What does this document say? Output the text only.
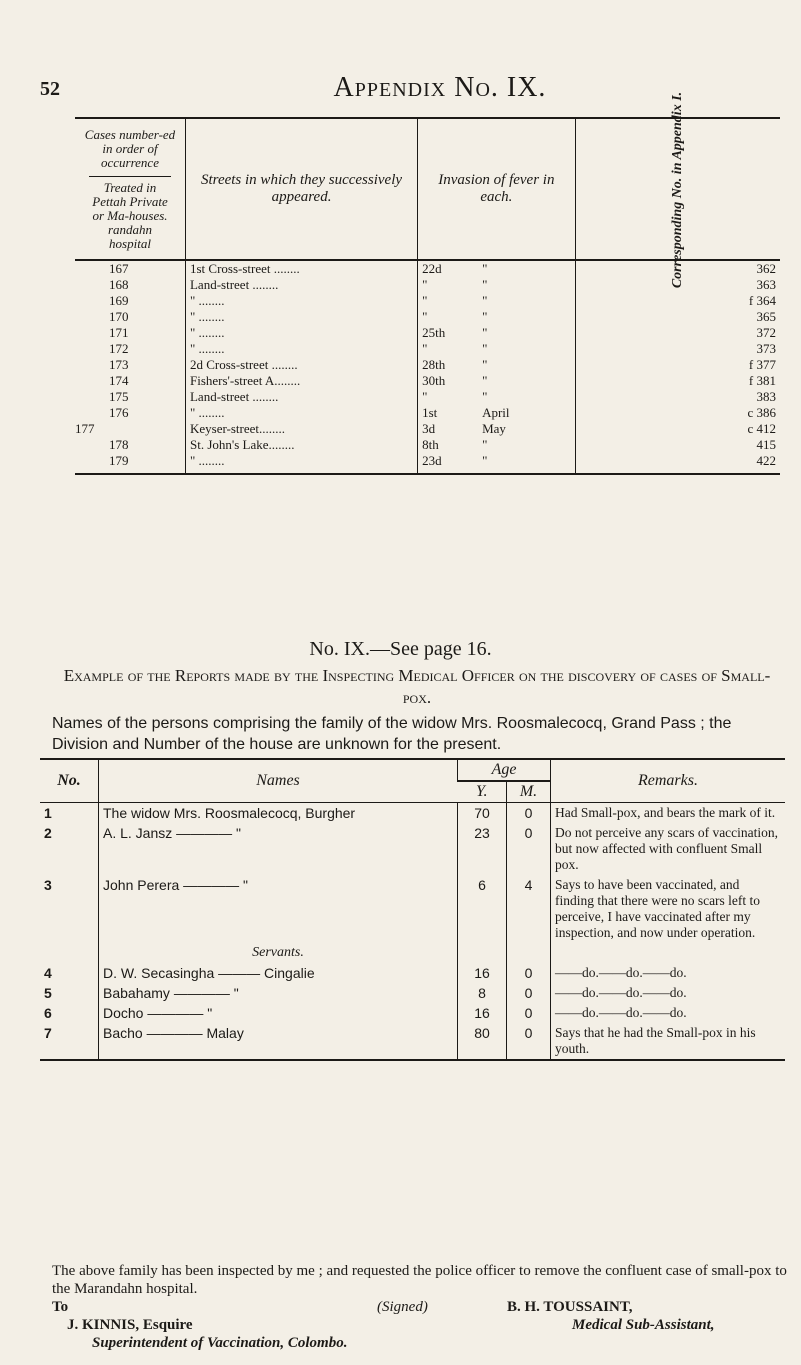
52	Appendix No. IX.
Cases number-ed in order of occurrence
Treated in Pettah Private or Ma-houses. randahn hospital	Streets in which they successively appeared.	Invasion of fever in each.	Corresponding No. in Appendix I.
167	1st Cross-street ........	22d "	362
168	Land-street ........	" "	363
169	" ........	" "	f 364
170	" ........	" "	365
171	" ........	25th "	372
172	" ........	" "	373
173	2d Cross-street ........	28th "	f 377
174	Fishers'-street A........	30th "	f 381
175	Land-street ........	" "	383
176	" ........	1st April	c 386
177	Keyser-street........	3d May	c 412
178	St. John's Lake........	8th "	415
179	" ........	23d "	422
No. IX.—See page 16.
Example of the Reports made by the Inspecting Medical Officer on the discovery of cases of Small-pox.
Names of the persons comprising the family of the widow Mrs. Roosmalecocq, Grand Pass ; the Division and Number of the house are unknown for the present.
No.	Names	Age		Remarks.
		Y.	M.	
1	The widow Mrs. Roosmalecocq, Burgher	70	0	Had Small-pox, and bears the mark of it.
2	A. L. Jansz ———— "	23	0	Do not perceive any scars of vaccination, but now affected with confluent Small pox.
3	John Perera ———— "	6	4	Says to have been vaccinated, and finding that there were no scars left to perceive, I have vaccinated after my inspection, and now under operation.
	Servants.			
4	D. W. Secasingha ——— Cingalie	16	0	——do.——do.——do.
5	Babahamy ———— "	8	0	——do.——do.——do.
6	Docho ———— "	16	0	——do.——do.——do.
7	Bacho ———— Malay	80	0	Says that he had the Small-pox in his youth.
The above family has been inspected by me ; and requested the police officer to remove the confluent case of small-pox to the Marandahn hospital.
To	(Signed)	B. H. TOUSSAINT,
J. KINNIS, Esquire	Medical Sub-Assistant,
Superintendent of Vaccination, Colombo.
